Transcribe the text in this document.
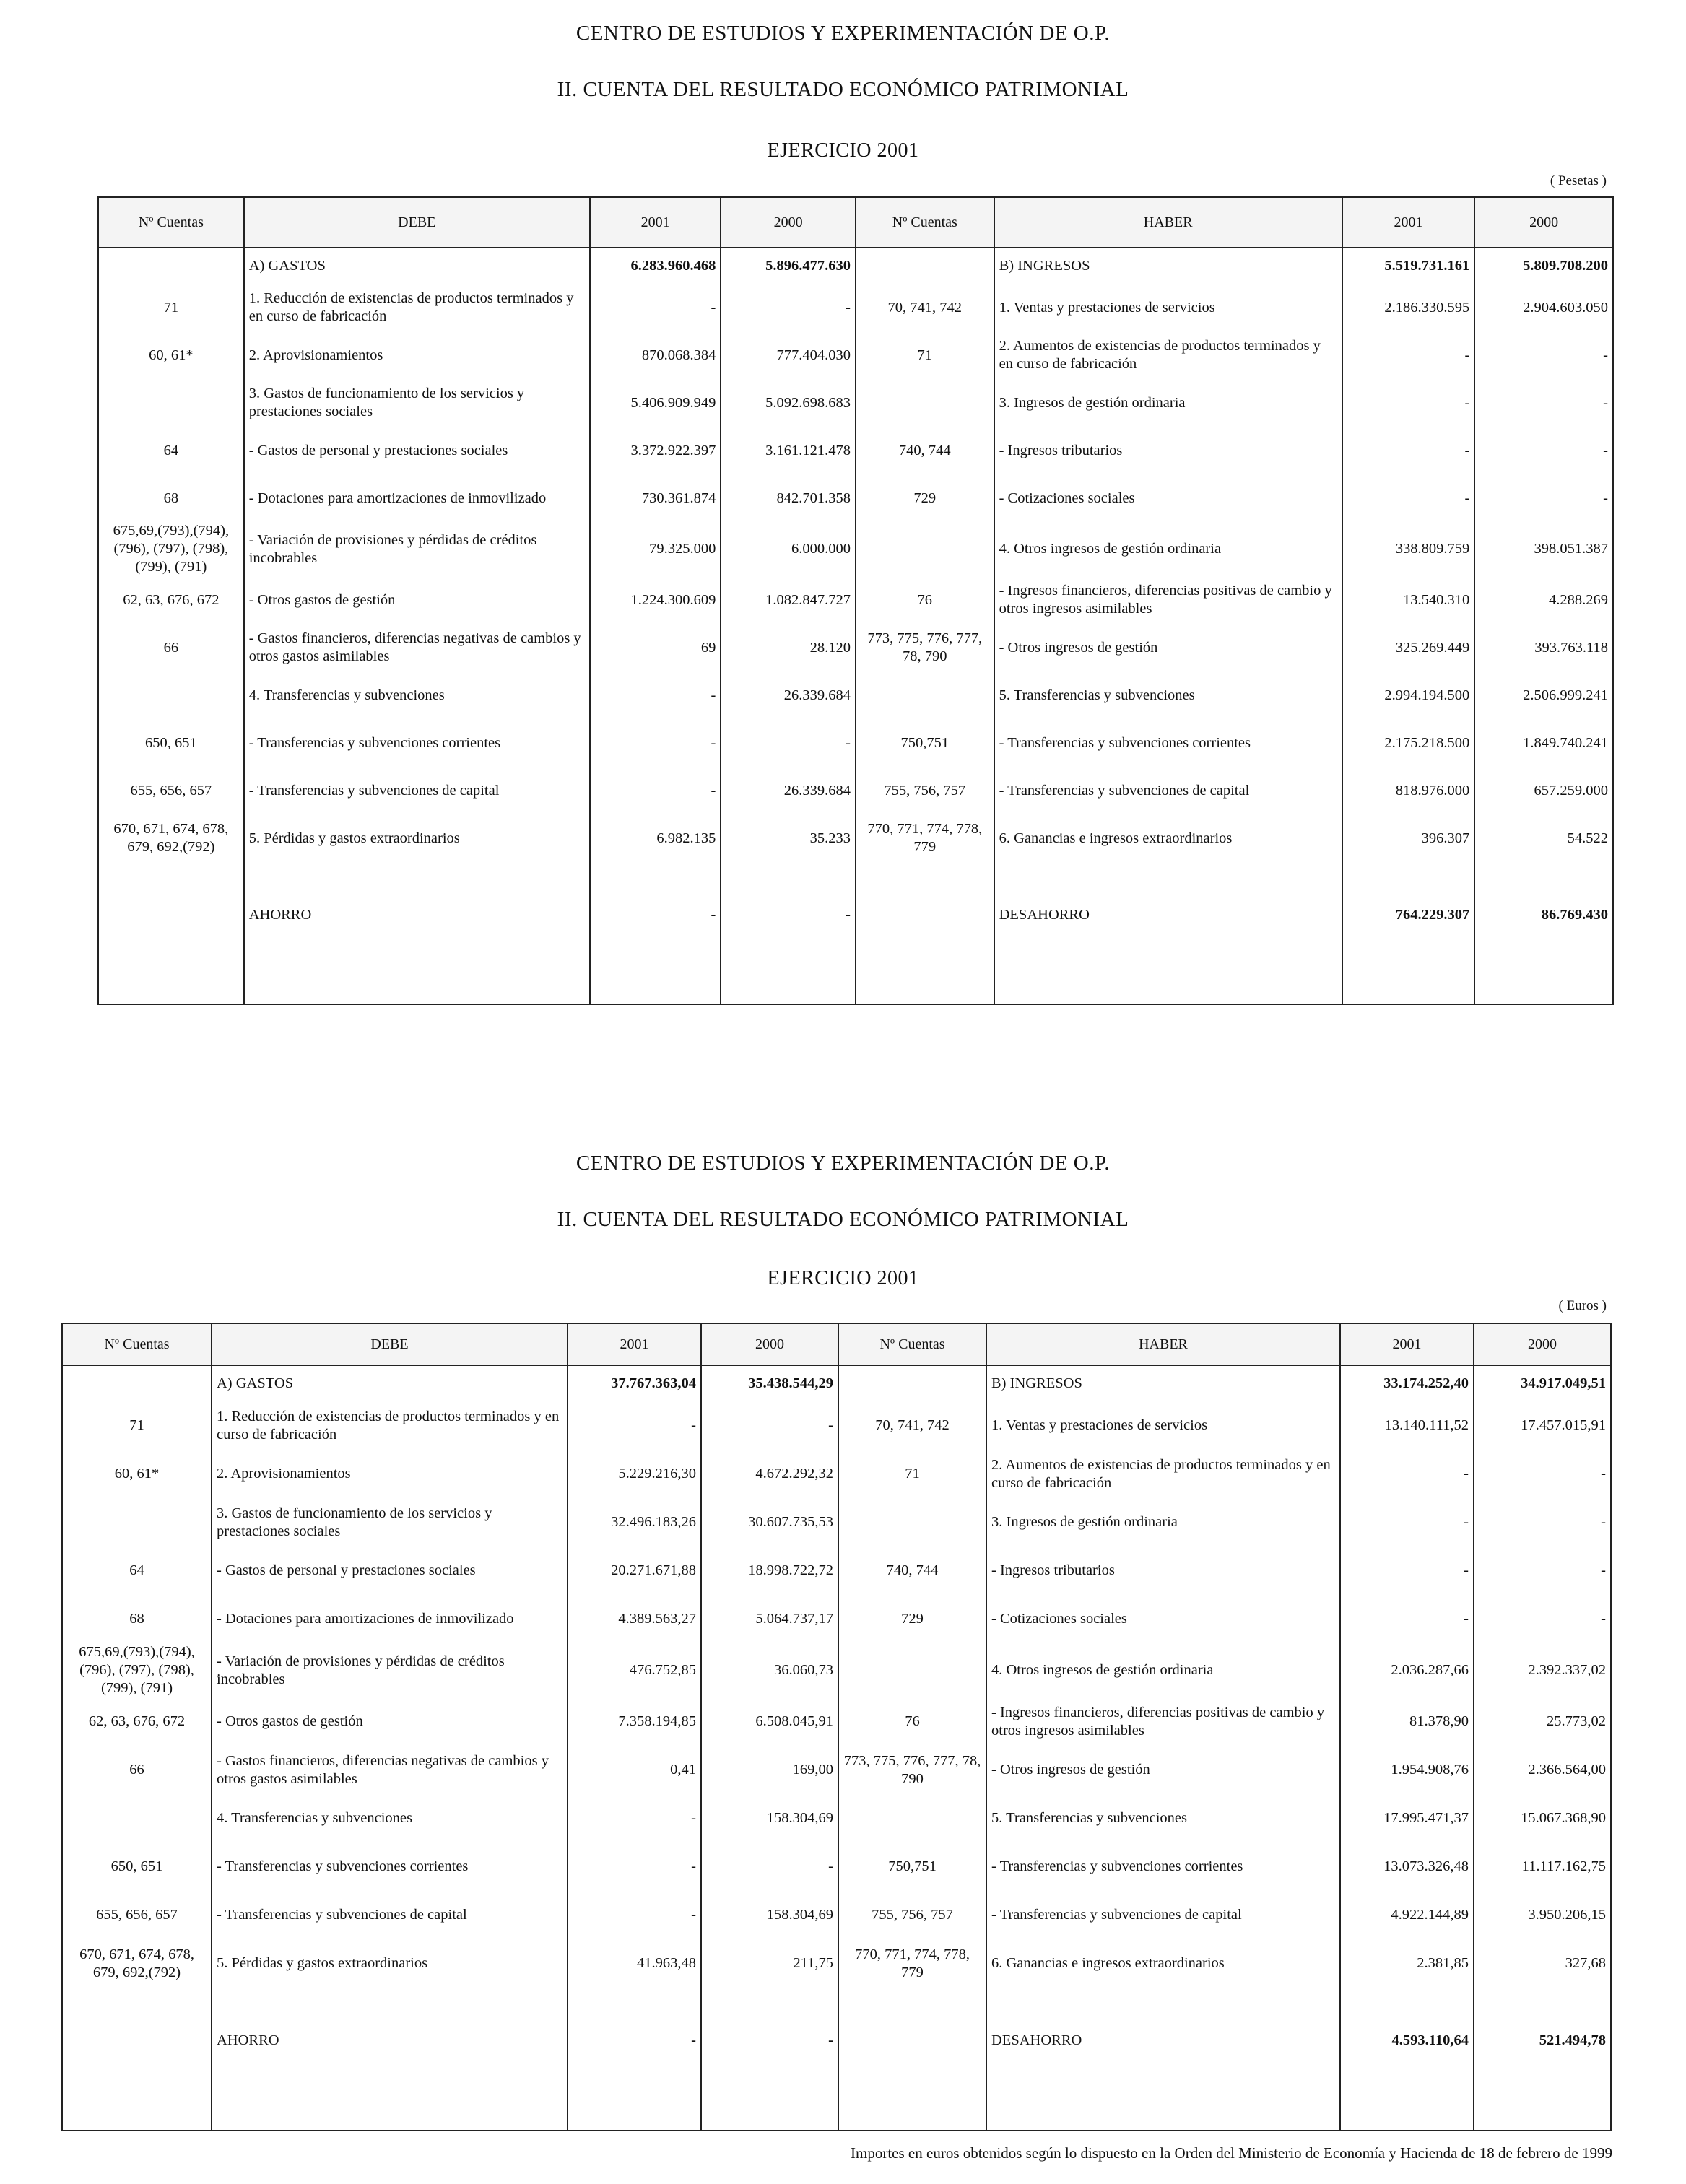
CENTRO DE ESTUDIOS Y EXPERIMENTACIÓN DE O.P.
II. CUENTA DEL RESULTADO ECONÓMICO PATRIMONIAL
EJERCICIO 2001
( Pesetas )
Nº Cuentas	DEBE	2001	2000	Nº Cuentas	HABER	2001	2000
	A) GASTOS	6.283.960.468	5.896.477.630		B) INGRESOS	5.519.731.161	5.809.708.200
71	1. Reducción de existencias de productos terminados y en curso de fabricación	-	-	70, 741, 742	1. Ventas y prestaciones de servicios	2.186.330.595	2.904.603.050
60, 61*	2. Aprovisionamientos	870.068.384	777.404.030	71	2. Aumentos de existencias de productos terminados y en curso de fabricación	-	-
	3. Gastos de funcionamiento de los servicios y prestaciones sociales	5.406.909.949	5.092.698.683		3. Ingresos de gestión ordinaria	-	-
64	- Gastos de personal y prestaciones sociales	3.372.922.397	3.161.121.478	740, 744	- Ingresos tributarios	-	-
68	- Dotaciones para amortizaciones de inmovilizado	730.361.874	842.701.358	729	- Cotizaciones sociales	-	-
675,69,(793),(794), (796), (797), (798), (799), (791)	- Variación de provisiones y pérdidas de créditos incobrables	79.325.000	6.000.000		4. Otros ingresos de gestión ordinaria	338.809.759	398.051.387
62, 63, 676, 672	- Otros gastos de gestión	1.224.300.609	1.082.847.727	76	- Ingresos financieros, diferencias positivas de cambio y otros ingresos asimilables	13.540.310	4.288.269
66	- Gastos financieros, diferencias negativas de cambios y otros gastos asimilables	69	28.120	773, 775, 776, 777, 78, 790	- Otros ingresos de gestión	325.269.449	393.763.118
	4. Transferencias y subvenciones	-	26.339.684		5. Transferencias y subvenciones	2.994.194.500	2.506.999.241
650, 651	- Transferencias y subvenciones corrientes	-	-	750,751	- Transferencias y subvenciones corrientes	2.175.218.500	1.849.740.241
655, 656, 657	- Transferencias y subvenciones de capital	-	26.339.684	755, 756, 757	- Transferencias y subvenciones de capital	818.976.000	657.259.000
670, 671, 674, 678, 679, 692,(792)	5. Pérdidas y gastos extraordinarios	6.982.135	35.233	770, 771, 774, 778, 779	6. Ganancias e ingresos extraordinarios	396.307	54.522

	AHORRO	-	-		DESAHORRO	764.229.307	86.769.430

CENTRO DE ESTUDIOS Y EXPERIMENTACIÓN DE O.P.
II. CUENTA DEL RESULTADO ECONÓMICO PATRIMONIAL
EJERCICIO 2001
( Euros )
Nº Cuentas	DEBE	2001	2000	Nº Cuentas	HABER	2001	2000
	A) GASTOS	37.767.363,04	35.438.544,29		B) INGRESOS	33.174.252,40	34.917.049,51
71	1. Reducción de existencias de productos terminados y en curso de fabricación	-	-	70, 741, 742	1. Ventas y prestaciones de servicios	13.140.111,52	17.457.015,91
60, 61*	2. Aprovisionamientos	5.229.216,30	4.672.292,32	71	2. Aumentos de existencias de productos terminados y en curso de fabricación	-	-
	3. Gastos de funcionamiento de los servicios y prestaciones sociales	32.496.183,26	30.607.735,53		3. Ingresos de gestión ordinaria	-	-
64	- Gastos de personal y prestaciones sociales	20.271.671,88	18.998.722,72	740, 744	- Ingresos tributarios	-	-
68	- Dotaciones para amortizaciones de inmovilizado	4.389.563,27	5.064.737,17	729	- Cotizaciones sociales	-	-
675,69,(793),(794), (796), (797), (798), (799), (791)	- Variación de provisiones y pérdidas de créditos incobrables	476.752,85	36.060,73		4. Otros ingresos de gestión ordinaria	2.036.287,66	2.392.337,02
62, 63, 676, 672	- Otros gastos de gestión	7.358.194,85	6.508.045,91	76	- Ingresos financieros, diferencias positivas de cambio y otros ingresos asimilables	81.378,90	25.773,02
66	- Gastos financieros, diferencias negativas de cambios y otros gastos asimilables	0,41	169,00	773, 775, 776, 777, 78, 790	- Otros ingresos de gestión	1.954.908,76	2.366.564,00
	4. Transferencias y subvenciones	-	158.304,69		5. Transferencias y subvenciones	17.995.471,37	15.067.368,90
650, 651	- Transferencias y subvenciones corrientes	-	-	750,751	- Transferencias y subvenciones corrientes	13.073.326,48	11.117.162,75
655, 656, 657	- Transferencias y subvenciones de capital	-	158.304,69	755, 756, 757	- Transferencias y subvenciones de capital	4.922.144,89	3.950.206,15
670, 671, 674, 678, 679, 692,(792)	5. Pérdidas y gastos extraordinarios	41.963,48	211,75	770, 771, 774, 778, 779	6. Ganancias e ingresos extraordinarios	2.381,85	327,68

	AHORRO	-	-		DESAHORRO	4.593.110,64	521.494,78

Importes en euros obtenidos según lo dispuesto en la Orden del Ministerio de Economía y Hacienda de 18 de febrero de 1999
